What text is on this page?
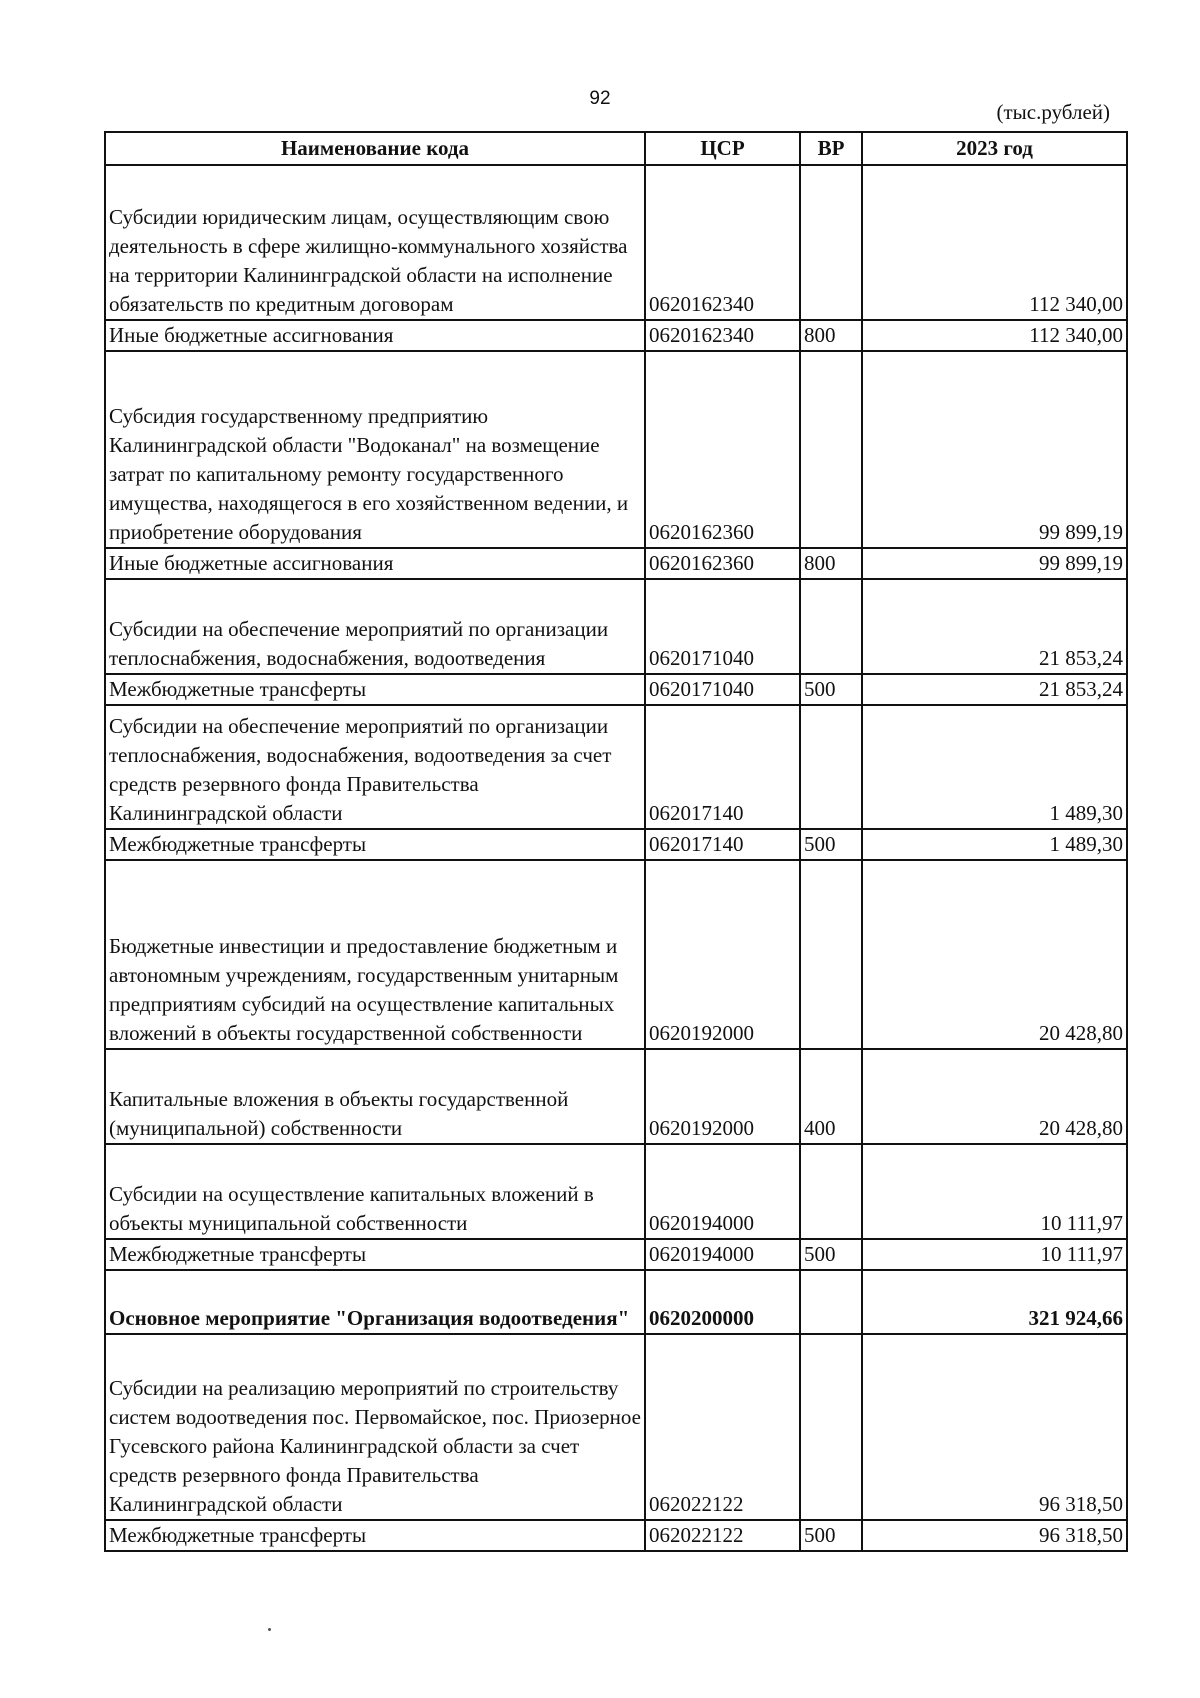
92
(тыс.рублей)
Наименование кода	ЦСР	ВР	2023 год
Субсидии юридическим лицам, осуществляющим свою деятельность в сфере жилищно-коммунального хозяйства на территории Калининградской области на исполнение обязательств по кредитным договорам	0620162340		112 340,00
Иные бюджетные ассигнования	0620162340	800	112 340,00
Субсидия государственному предприятию Калининградской области "Водоканал" на возмещение затрат по капитальному ремонту государственного имущества, находящегося в его хозяйственном ведении, и приобретение оборудования	0620162360		99 899,19
Иные бюджетные ассигнования	0620162360	800	99 899,19
Субсидии на обеспечение мероприятий по организации теплоснабжения, водоснабжения, водоотведения	0620171040		21 853,24
Межбюджетные трансферты	0620171040	500	21 853,24
Субсидии на обеспечение мероприятий по организации теплоснабжения, водоснабжения, водоотведения за счет средств резервного фонда Правительства Калининградской области	062017140		1 489,30
Межбюджетные трансферты	062017140	500	1 489,30
Бюджетные инвестиции и предоставление бюджетным и автономным учреждениям, государственным унитарным предприятиям субсидий на осуществление капитальных вложений в объекты государственной собственности	0620192000		20 428,80
Капитальные вложения в объекты государственной (муниципальной) собственности	0620192000	400	20 428,80
Субсидии на осуществление капитальных вложений в объекты муниципальной собственности	0620194000		10 111,97
Межбюджетные трансферты	0620194000	500	10 111,97
Основное мероприятие "Организация водоотведения"	0620200000		321 924,66
Субсидии на реализацию мероприятий по строительству систем водоотведения пос. Первомайское, пос. Приозерное Гусевского района Калининградской области за счет средств резервного фонда Правительства Калининградской области	062022122		96 318,50
Межбюджетные трансферты	062022122	500	96 318,50
